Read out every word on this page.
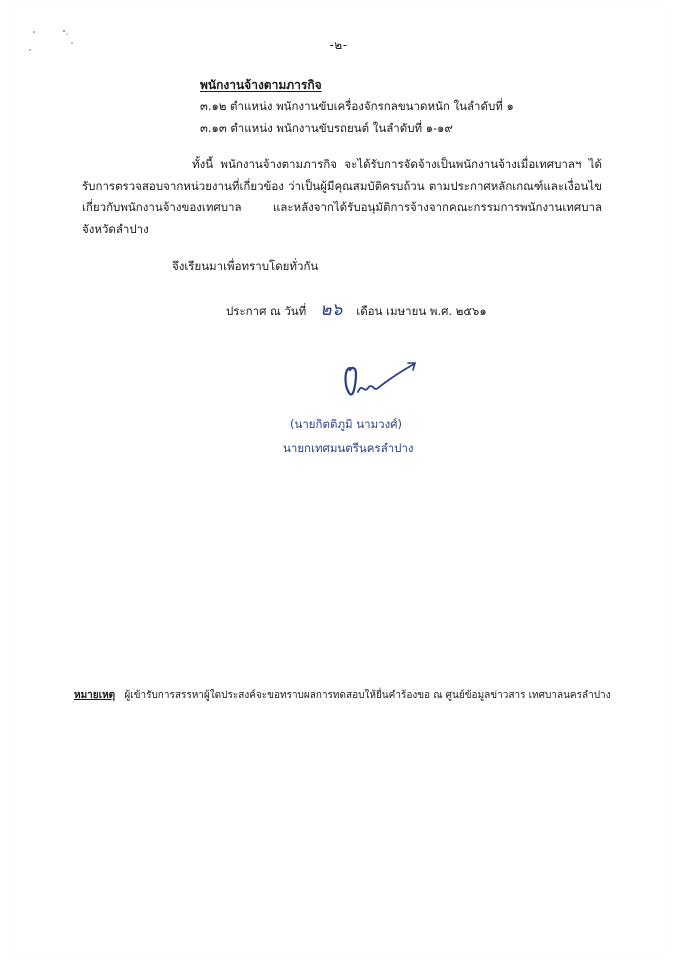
-๒-
พนักงานจ้างตามภารกิจ
๓.๑๒ ตำแหน่ง พนักงานขับเครื่องจักรกลขนาดหนัก ในลำดับที่ ๑
๓.๑๓ ตำแหน่ง พนักงานขับรถยนต์ ในลำดับที่ ๑-๑๙
ทั้งนี้ พนักงานจ้างตามภารกิจ จะได้รับการจัดจ้างเป็นพนักงานจ้างเมื่อเทศบาลฯ ได้รับการตรวจสอบจากหน่วยงานที่เกี่ยวข้อง ว่าเป็นผู้มีคุณสมบัติครบถ้วน ตามประกาศหลักเกณฑ์และเงื่อนไขเกี่ยวกับพนักงานจ้างของเทศบาล และหลังจากได้รับอนุมัติการจ้างจากคณะกรรมการพนักงานเทศบาลจังหวัดลำปาง
จึงเรียนมาเพื่อทราบโดยทั่วกัน
ประกาศ ณ วันที่ ๒๖	เดือน เมษายน พ.ศ. ๒๕๖๑
(นายกิตติภูมิ นามวงศ์)
นายกเทศมนตรีนครลำปาง
หมายเหตุ ผู้เข้ารับการสรรหาผู้ใดประสงค์จะขอทราบผลการทดสอบให้ยื่นคำร้องขอ ณ ศูนย์ข้อมูลข่าวสาร เทศบาลนครลำปาง
